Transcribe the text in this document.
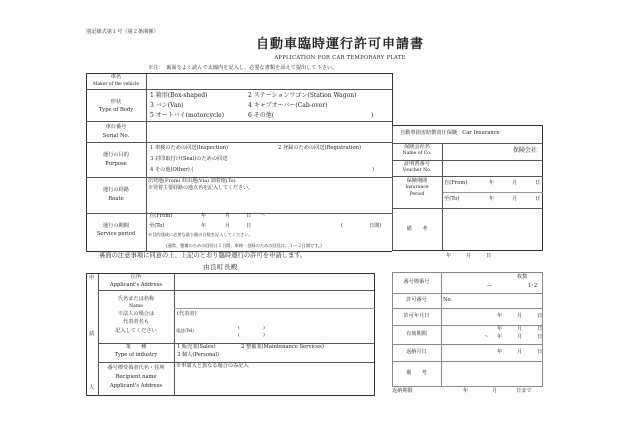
別記様式第１号（第２条関係）
自動車臨時運行許可申請書
APPLICATION FOR CAR TEMPORARY PLATE
※注：　裏面をよく読んで太線内を記入し、必要な書類を添えて提出して下さい。
車名
Maker of the vehicle
形状
Type of Body
1 箱形(Box-shaped)	2 ステーションワゴン(Station Wagon)
3 バン(Van)	4 キャブオーバー(Cab-over)
5 オートバイ(motorcycle)	6 その他(	)
車台番号
Serial No.
運行の目的
Purpose
1 車検のための回送(Inspection)	2 登録のための回送(Registration)
3 封印取付け(Seal)のための回送
4 その他(Other) (	)
運行の経路
Route
出発地(From) 経由地(Via) 到着地(To)
※発着主要経路の地点名を記入してください。
運行の期間
Service period
自(From)	年	月	日 〜
至(To)	年	月	日	(	日間)
※目的達成に必要な最小限の日数を記入してください。
(通常、整備のための回送は１日間、車検・登録のための回送は、１〜２日間です。)
自動車損害賠償責任保険　Car Insurance
保険会社名
Name of Co.	保険会社
証明書番号
Voucher No.
保険期間
Insurance
Period
自(From)	年	月	日
至(To)	年	月	日
備　　考
裏面の注意事項に同意の上、上記のとおり臨時運行の許可を申請します。	年	月	日
由良町長殿
申
請
人
住所
Applicant's Address
氏名または名称
Name
※法人の場合は
代表者名も
記入してください
(代表者)
電話(Tel)	(	)
(	)
業　　種
Type of industry
1 販売業(Sales)	2 整備業(Maintenance Services)
3 個人(Personal)
番号標受領者氏名・住所
Recipient name
Applicant's Address
※申請人と異なる場合のみ記入
番号標番号
枚数
—	1･2
許可番号	No.
許可年月日	年	月	日
有効期間
年	月	日
〜 年	月	日
返納月日	年	月	日
備　　考
返納期限	年	月	日まで
